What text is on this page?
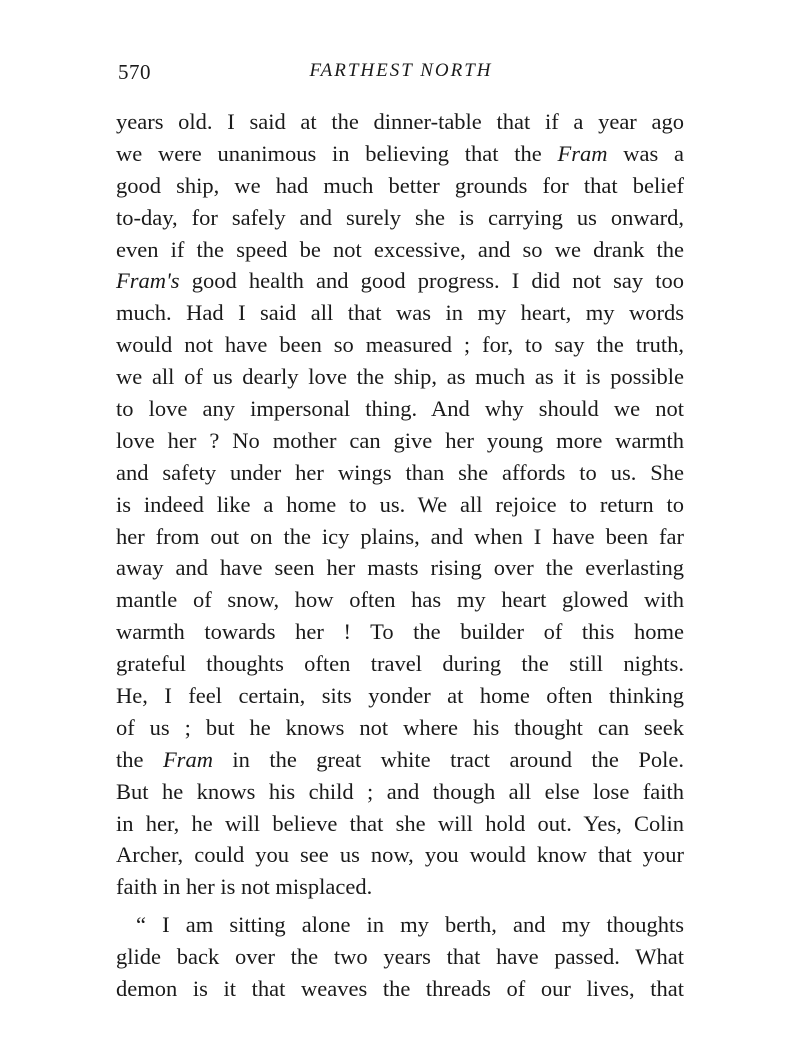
570	FARTHEST NORTH
years old. I said at the dinner-table that if a year ago
we were unanimous in believing that the Fram was a
good ship, we had much better grounds for that belief
to-day, for safely and surely she is carrying us onward,
even if the speed be not excessive, and so we drank the
Fram's good health and good progress. I did not say too
much. Had I said all that was in my heart, my words
would not have been so measured ; for, to say the truth,
we all of us dearly love the ship, as much as it is possible
to love any impersonal thing. And why should we not
love her ? No mother can give her young more warmth
and safety under her wings than she affords to us. She
is indeed like a home to us. We all rejoice to return to
her from out on the icy plains, and when I have been far
away and have seen her masts rising over the everlasting
mantle of snow, how often has my heart glowed with
warmth towards her ! To the builder of this home
grateful thoughts often travel during the still nights.
He, I feel certain, sits yonder at home often thinking
of us ; but he knows not where his thought can seek
the Fram in the great white tract around the Pole.
But he knows his child ; and though all else lose faith
in her, he will believe that she will hold out. Yes, Colin
Archer, could you see us now, you would know that your
faith in her is not misplaced.
“ I am sitting alone in my berth, and my thoughts
glide back over the two years that have passed. What
demon is it that weaves the threads of our lives, that
